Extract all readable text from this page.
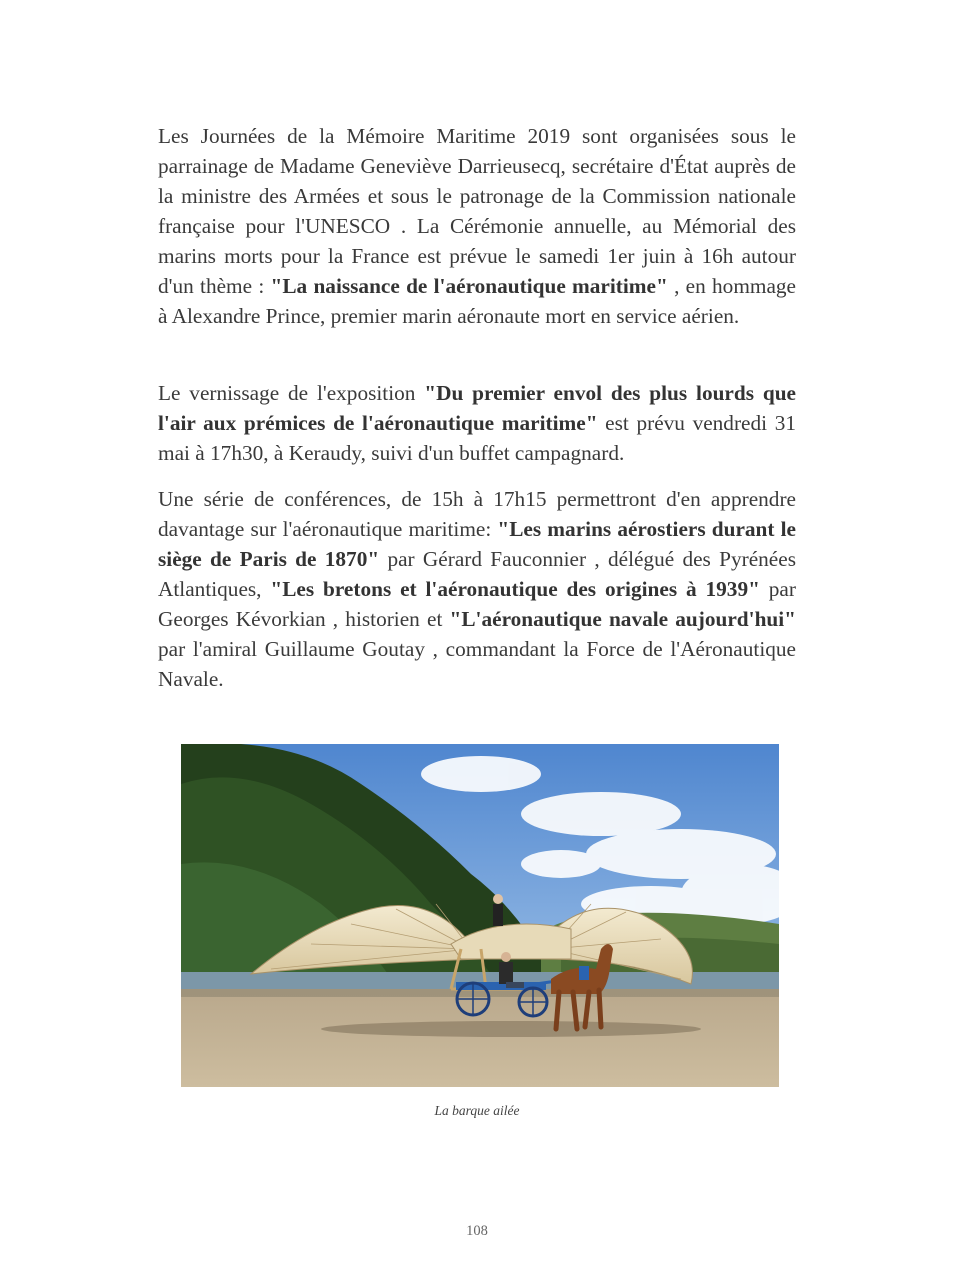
Les Journées de la Mémoire Maritime 2019 sont organisées sous le parrainage de Madame Geneviève Darrieusecq, secrétaire d'État auprès de la ministre des Armées et sous le patronage de la Commission nationale française pour l'UNESCO . La Cérémonie annuelle, au Mémorial des marins morts pour la France est prévue le samedi 1er juin à 16h autour d'un thème : "La naissance de l'aéronautique maritime" , en hommage à Alexandre Prince, premier marin aéronaute mort en service aérien.

Le vernissage de l'exposition "Du premier envol des plus lourds que l'air aux prémices de l'aéronautique maritime" est prévu vendredi 31 mai à 17h30, à Keraudy, suivi d'un buffet campagnard.

Une série de conférences, de 15h à 17h15 permettront d'en apprendre davantage sur l'aéronautique maritime: "Les marins aérostiers durant le siège de Paris de 1870" par Gérard Fauconnier , délégué des Pyrénées Atlantiques, "Les bretons et l'aéronautique des origines à 1939" par Georges Kévorkian , historien et "L'aéronautique navale aujourd'hui" par l'amiral Guillaume Goutay , commandant la Force de l'Aéronautique Navale.

La barque ailée
108
